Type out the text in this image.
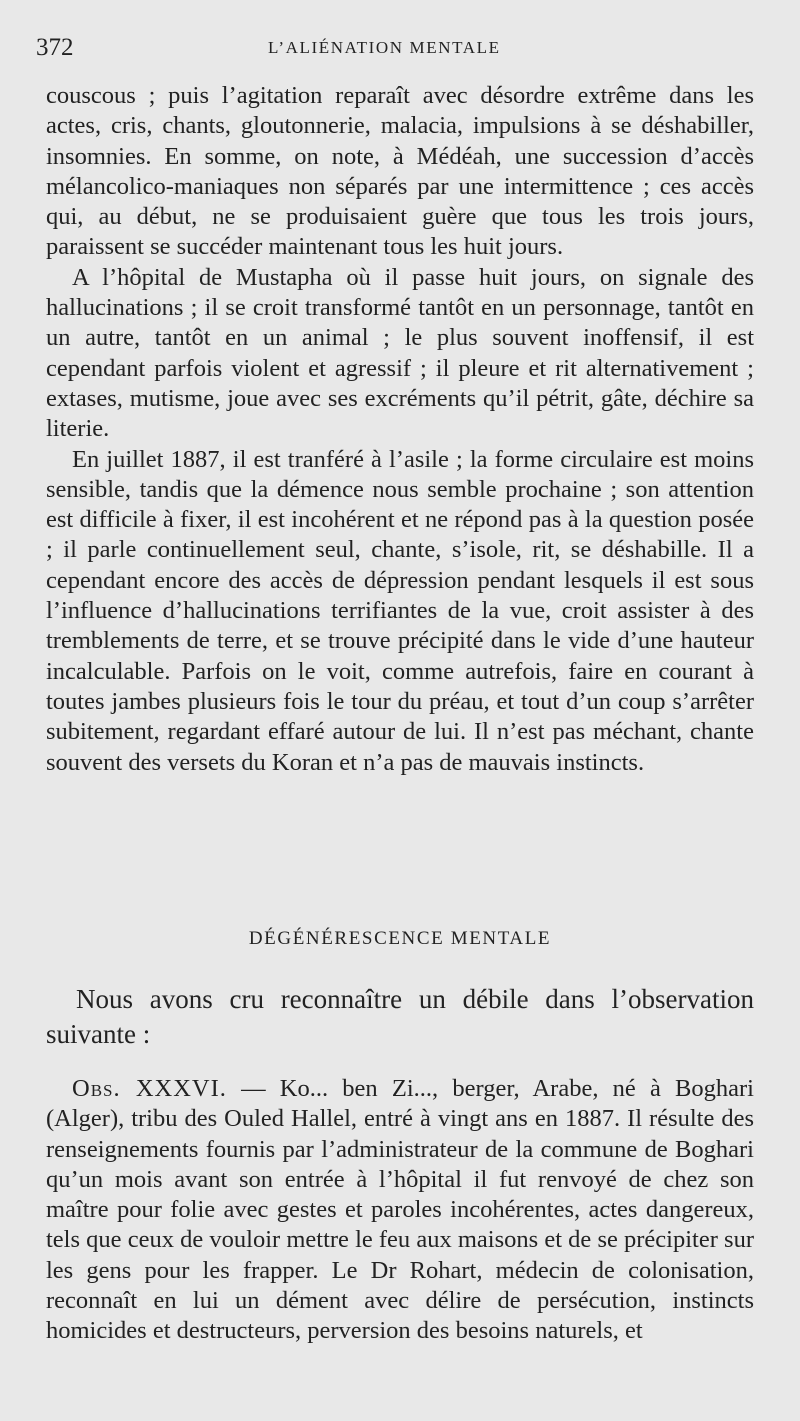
372	L’ALIÉNATION MENTALE

couscous ; puis l’agitation reparaît avec désordre extrême dans les actes, cris, chants, gloutonnerie, malacia, impulsions à se déshabiller, insomnies. En somme, on note, à Médéah, une succession d’accès mélancolico-maniaques non séparés par une intermittence ; ces accès qui, au début, ne se produisaient guère que tous les trois jours, paraissent se succéder maintenant tous les huit jours.

A l’hôpital de Mustapha où il passe huit jours, on signale des hallucinations ; il se croit transformé tantôt en un personnage, tantôt en un autre, tantôt en un animal ; le plus souvent inoffensif, il est cependant parfois violent et agressif ; il pleure et rit alternativement ; extases, mutisme, joue avec ses excréments qu’il pétrit, gâte, déchire sa literie.

En juillet 1887, il est tranféré à l’asile ; la forme circulaire est moins sensible, tandis que la démence nous semble prochaine ; son attention est difficile à fixer, il est incohérent et ne répond pas à la question posée ; il parle continuellement seul, chante, s’isole, rit, se déshabille. Il a cependant encore des accès de dépression pendant lesquels il est sous l’influence d’hallucinations terrifiantes de la vue, croit assister à des tremblements de terre, et se trouve précipité dans le vide d’une hauteur incalculable. Parfois on le voit, comme autrefois, faire en courant à toutes jambes plusieurs fois le tour du préau, et tout d’un coup s’arrêter subitement, regardant effaré autour de lui. Il n’est pas méchant, chante souvent des versets du Koran et n’a pas de mauvais instincts.

DÉGÉNÉRESCENCE MENTALE

Nous avons cru reconnaître un débile dans l’observation suivante :

Obs. XXXVI. — Ko... ben Zi..., berger, Arabe, né à Boghari (Alger), tribu des Ouled Hallel, entré à vingt ans en 1887. Il résulte des renseignements fournis par l’administrateur de la commune de Boghari qu’un mois avant son entrée à l’hôpital il fut renvoyé de chez son maître pour folie avec gestes et paroles incohérentes, actes dangereux, tels que ceux de vouloir mettre le feu aux maisons et de se précipiter sur les gens pour les frapper. Le Dr Rohart, médecin de colonisation, reconnaît en lui un dément avec délire de persécution, instincts homicides et destructeurs, perversion des besoins naturels, et
